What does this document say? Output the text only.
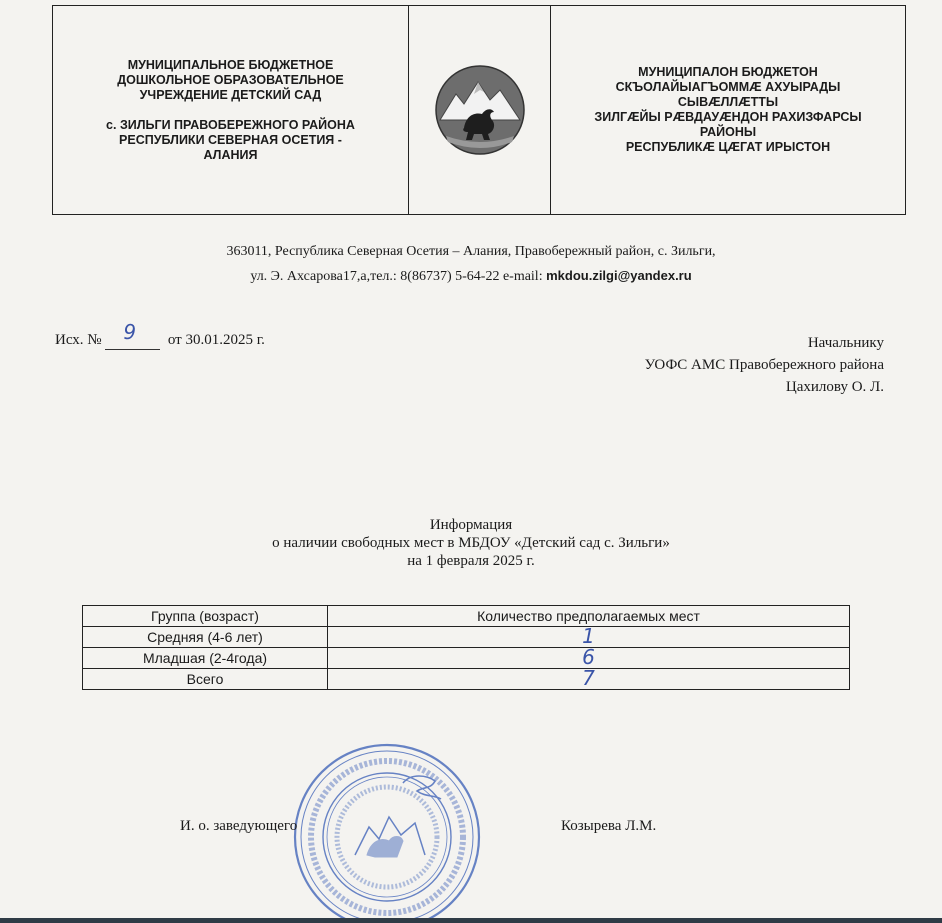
МУНИЦИПАЛЬНОЕ БЮДЖЕТНОЕ
ДОШКОЛЬНОЕ ОБРАЗОВАТЕЛЬНОЕ
УЧРЕЖДЕНИЕ ДЕТСКИЙ САД
с. ЗИЛЬГИ ПРАВОБЕРЕЖНОГО РАЙОНА
РЕСПУБЛИКИ СЕВЕРНАЯ ОСЕТИЯ -
АЛАНИЯ
МУНИЦИПАЛОН БЮДЖЕТОН
СКЪОЛАЙЫАГЪОММÆ АХУЫРАДЫ
СЫВÆЛЛÆТТЫ
ЗИЛГÆЙЫ РÆВДАУÆНДОН РАХИЗФАРСЫ
РАЙОНЫ
РЕСПУБЛИКӔ ЦӔГАТ ИРЫСТОН
363011, Республика Северная Осетия – Алания, Правобережный район, с. Зильги,
ул. Э. Ахсарова17,а,тел.: 8(86737) 5-64-22 e-mail: mkdou.zilgi@yandex.ru
Исх. № 9 от 30.01.2025 г.	Начальнику
УОФС АМС Правобережного района
Цахилову О. Л.
Информация
о наличии свободных мест в МБДОУ «Детский сад с. Зильги»
на 1 февраля 2025 г.
Группа (возраст)	Количество предполагаемых мест
Средняя (4-6 лет)	1
Младшая (2-4года)	6
Всего	7
И. о. заведующего	Козырева Л.М.
